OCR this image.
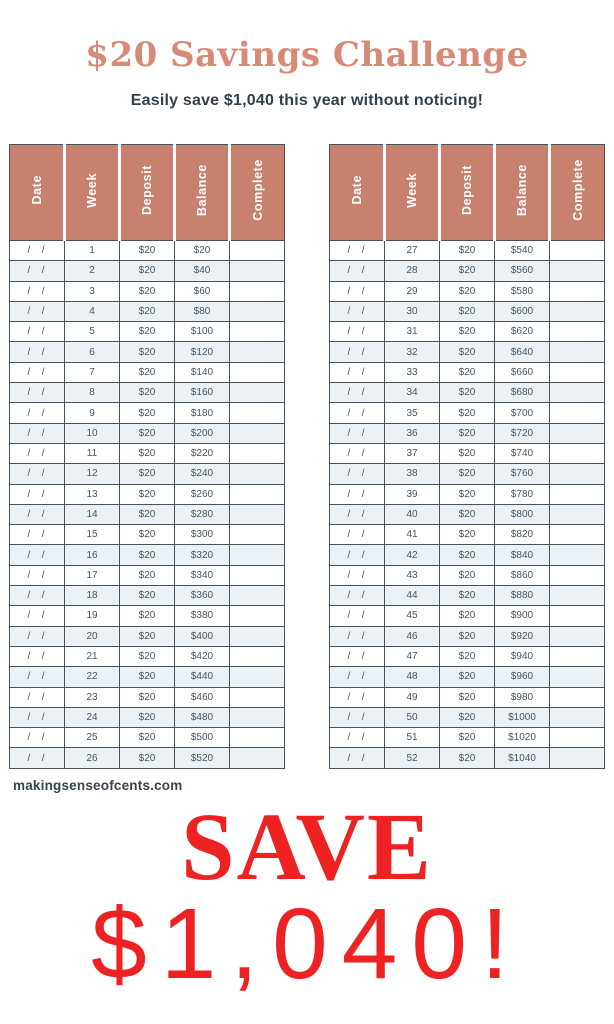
$20 Savings Challenge
Easily save $1,040 this year without noticing!
Date	Week	Deposit	Balance	Complete
/  /	1	$20	$20	
/  /	2	$20	$40	
/  /	3	$20	$60	
/  /	4	$20	$80	
/  /	5	$20	$100	
/  /	6	$20	$120	
/  /	7	$20	$140	
/  /	8	$20	$160	
/  /	9	$20	$180	
/  /	10	$20	$200	
/  /	11	$20	$220	
/  /	12	$20	$240	
/  /	13	$20	$260	
/  /	14	$20	$280	
/  /	15	$20	$300	
/  /	16	$20	$320	
/  /	17	$20	$340	
/  /	18	$20	$360	
/  /	19	$20	$380	
/  /	20	$20	$400	
/  /	21	$20	$420	
/  /	22	$20	$440	
/  /	23	$20	$460	
/  /	24	$20	$480	
/  /	25	$20	$500	
/  /	26	$20	$520	
Date	Week	Deposit	Balance	Complete
/  /	27	$20	$540	
/  /	28	$20	$560	
/  /	29	$20	$580	
/  /	30	$20	$600	
/  /	31	$20	$620	
/  /	32	$20	$640	
/  /	33	$20	$660	
/  /	34	$20	$680	
/  /	35	$20	$700	
/  /	36	$20	$720	
/  /	37	$20	$740	
/  /	38	$20	$760	
/  /	39	$20	$780	
/  /	40	$20	$800	
/  /	41	$20	$820	
/  /	42	$20	$840	
/  /	43	$20	$860	
/  /	44	$20	$880	
/  /	45	$20	$900	
/  /	46	$20	$920	
/  /	47	$20	$940	
/  /	48	$20	$960	
/  /	49	$20	$980	
/  /	50	$20	$1000	
/  /	51	$20	$1020	
/  /	52	$20	$1040	
makingsenseofcents.com
SAVE
$1,040!
